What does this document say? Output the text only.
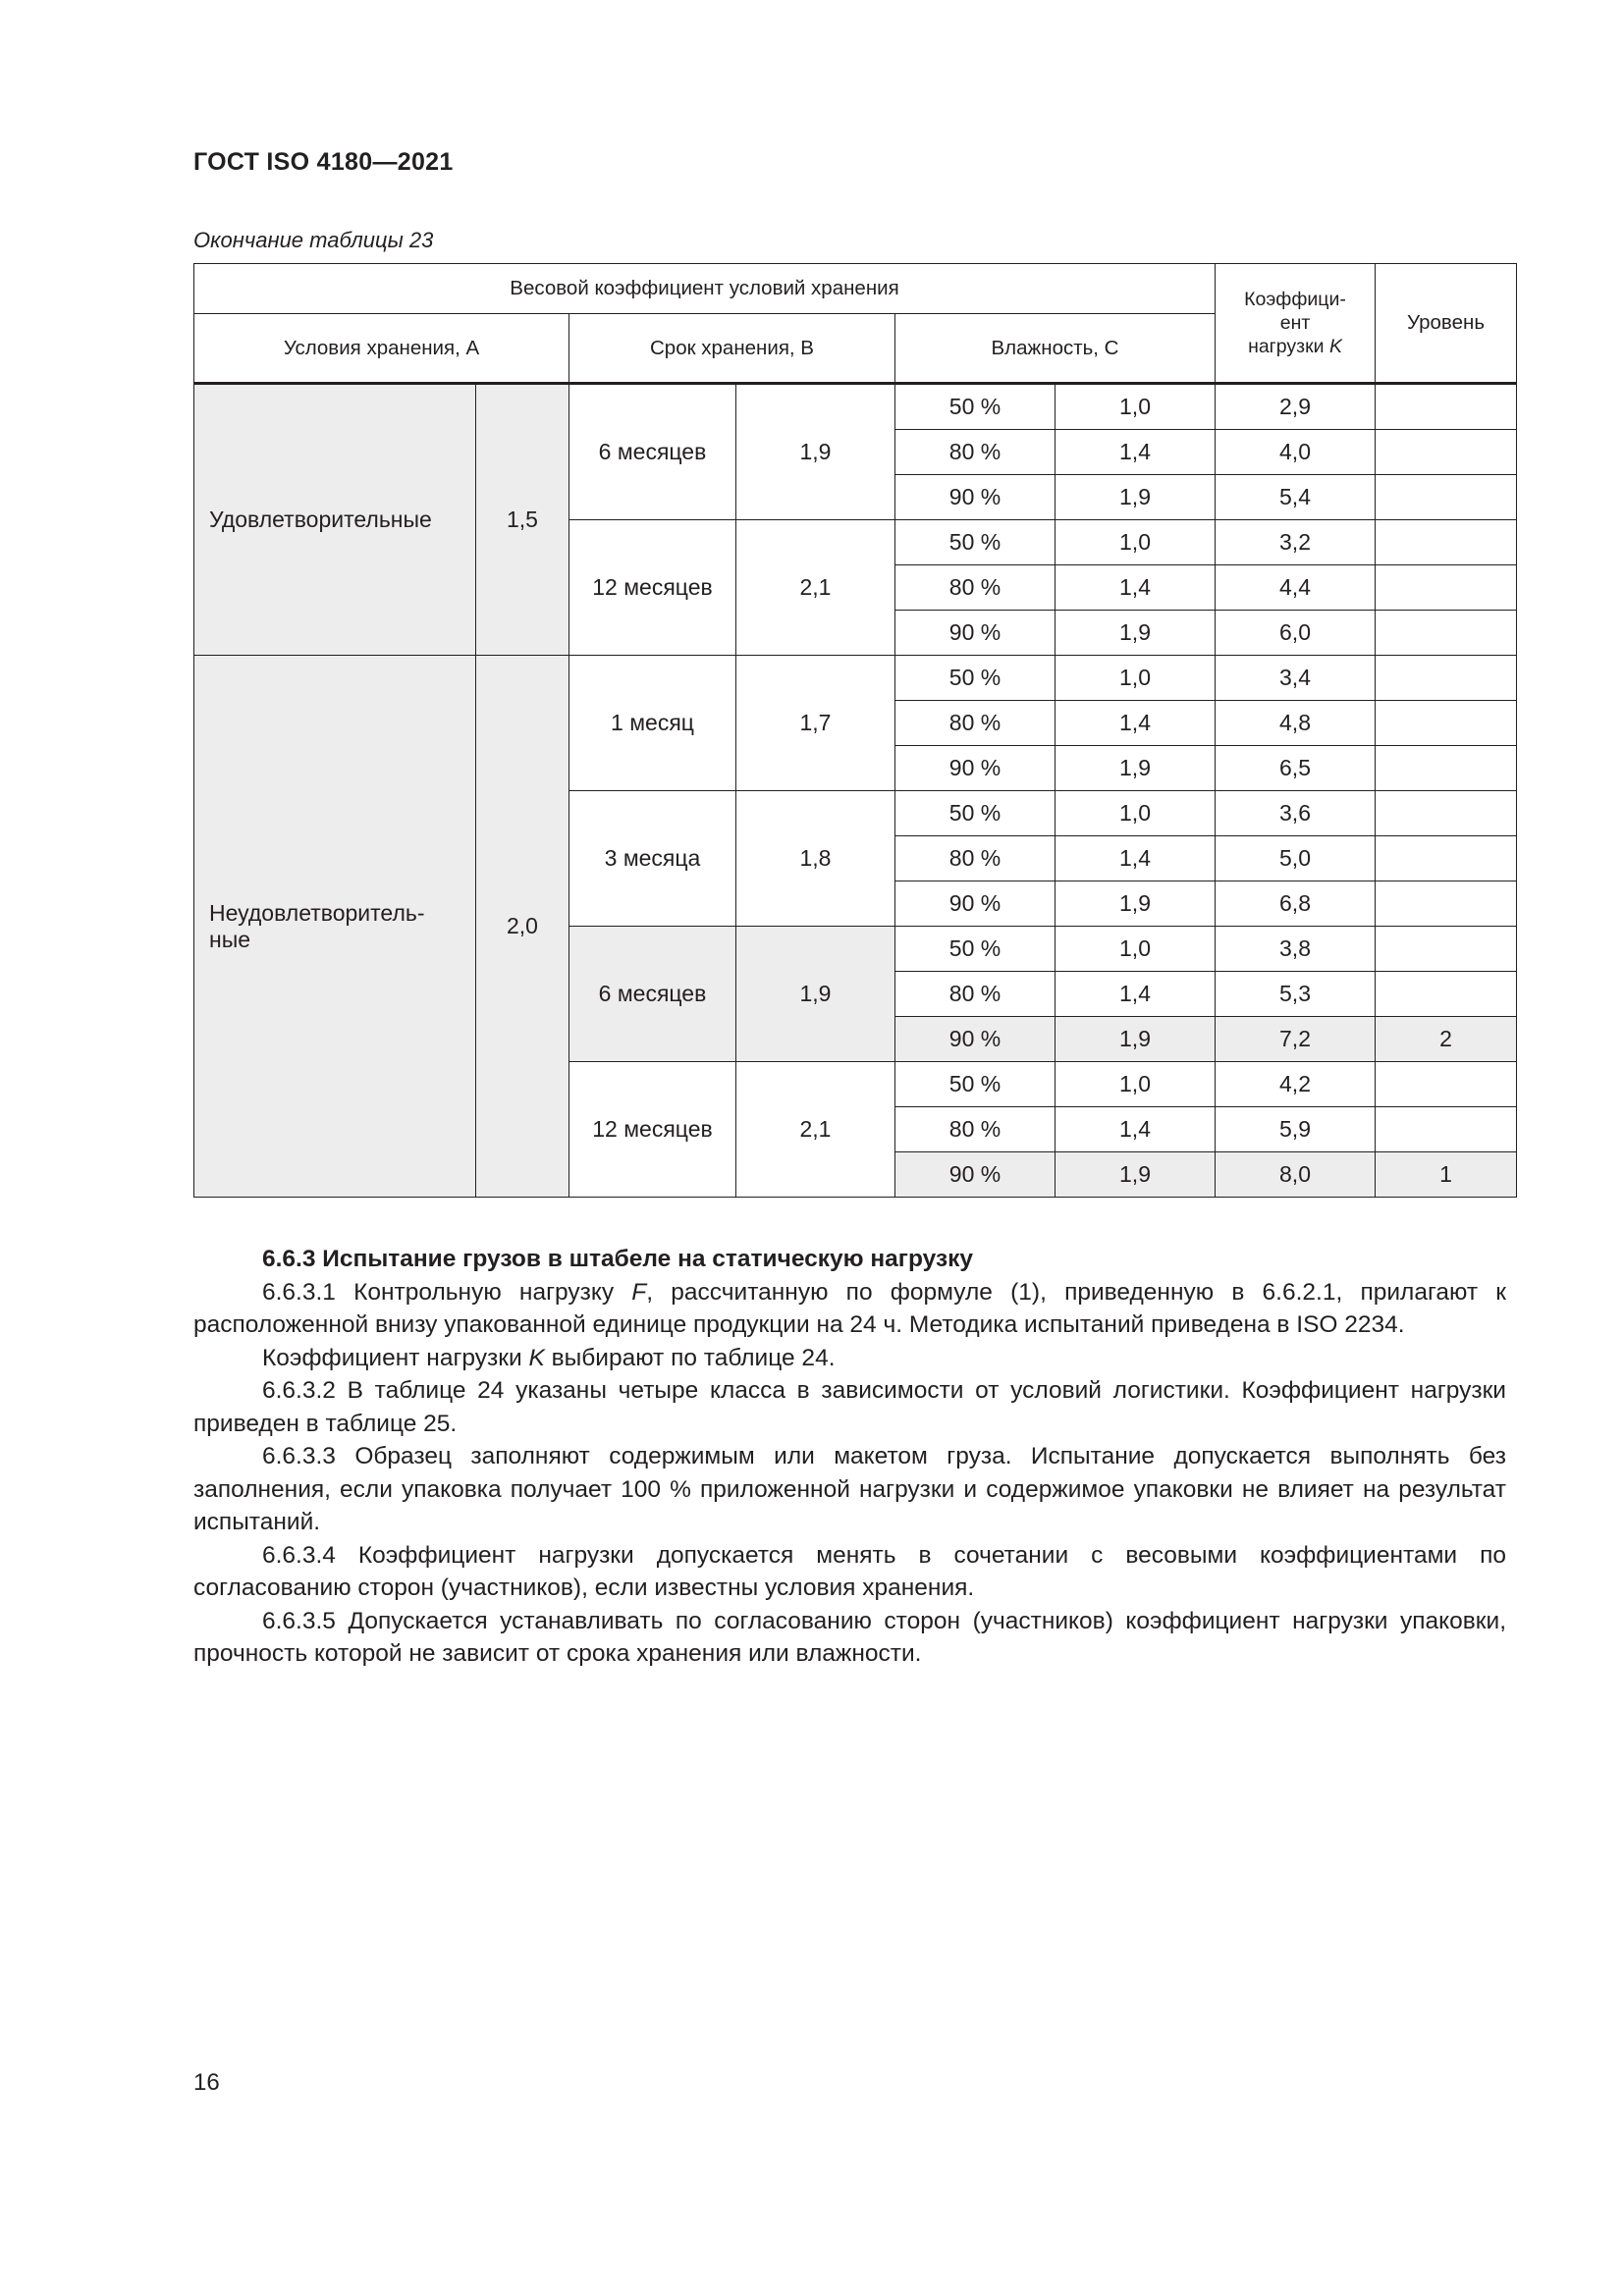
ГОСТ ISO 4180—2021
Окончание таблицы 23
Весовой коэффициент условий хранения						Коэффици-
ент
нагрузки K	Уровень
Условия хранения, A		Срок хранения, B		Влажность, C			
Удовлетворительные	1,5	6 месяцев	1,9	50 %	1,0	2,9	
				80 %	1,4	4,0	
				90 %	1,9	5,4	
		12 месяцев	2,1	50 %	1,0	3,2	
				80 %	1,4	4,4	
				90 %	1,9	6,0	
Неудовлетворитель-
ные	2,0	1 месяц	1,7	50 %	1,0	3,4	
				80 %	1,4	4,8	
				90 %	1,9	6,5	
		3 месяца	1,8	50 %	1,0	3,6	
				80 %	1,4	5,0	
				90 %	1,9	6,8	
		6 месяцев	1,9	50 %	1,0	3,8	
				80 %	1,4	5,3	
				90 %	1,9	7,2	2
		12 месяцев	2,1	50 %	1,0	4,2	
				80 %	1,4	5,9	
				90 %	1,9	8,0	1

6.6.3 Испытание грузов в штабеле на статическую нагрузку

6.6.3.1 Контрольную нагрузку F, рассчитанную по формуле (1), приведенную в 6.6.2.1, прилагают к расположенной внизу упакованной единице продукции на 24 ч. Методика испытаний приведена в ISO 2234.

Коэффициент нагрузки K выбирают по таблице 24.

6.6.3.2 В таблице 24 указаны четыре класса в зависимости от условий логистики. Коэффициент нагрузки приведен в таблице 25.

6.6.3.3 Образец заполняют содержимым или макетом груза. Испытание допускается выполнять без заполнения, если упаковка получает 100 % приложенной нагрузки и содержимое упаковки не влияет на результат испытаний.

6.6.3.4 Коэффициент нагрузки допускается менять в сочетании с весовыми коэффициентами по согласованию сторон (участников), если известны условия хранения.

6.6.3.5 Допускается устанавливать по согласованию сторон (участников) коэффициент нагрузки упаковки, прочность которой не зависит от срока хранения или влажности.

16
